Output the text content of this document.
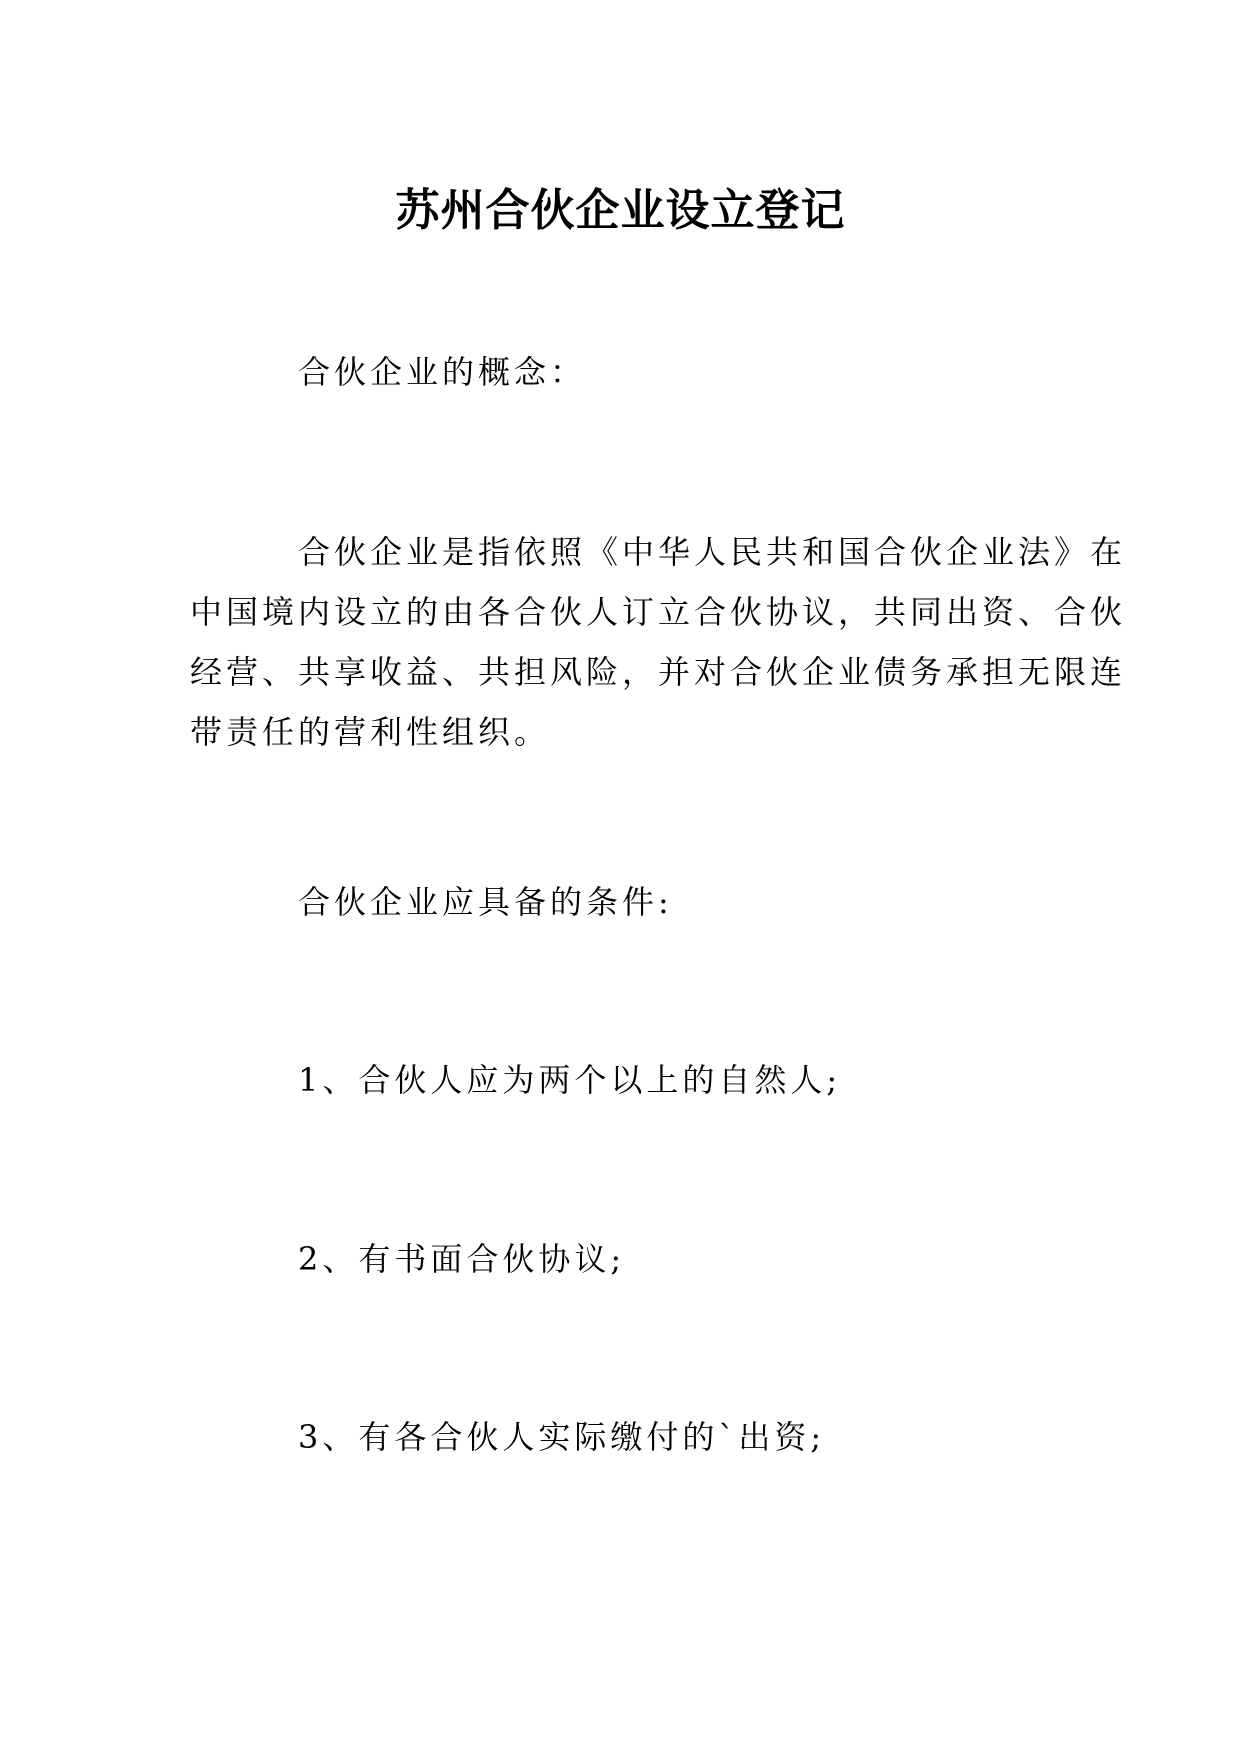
苏州合伙企业设立登记

合伙企业的概念：

合伙企业是指依照《中华人民共和国合伙企业法》在
中国境内设立的由各合伙人订立合伙协议，共同出资、合伙
经营、共享收益、共担风险，并对合伙企业债务承担无限连
带责任的营利性组织。

合伙企业应具备的条件:

1、合伙人应为两个以上的自然人;

2、有书面合伙协议;

3、有各合伙人实际缴付的`出资;
